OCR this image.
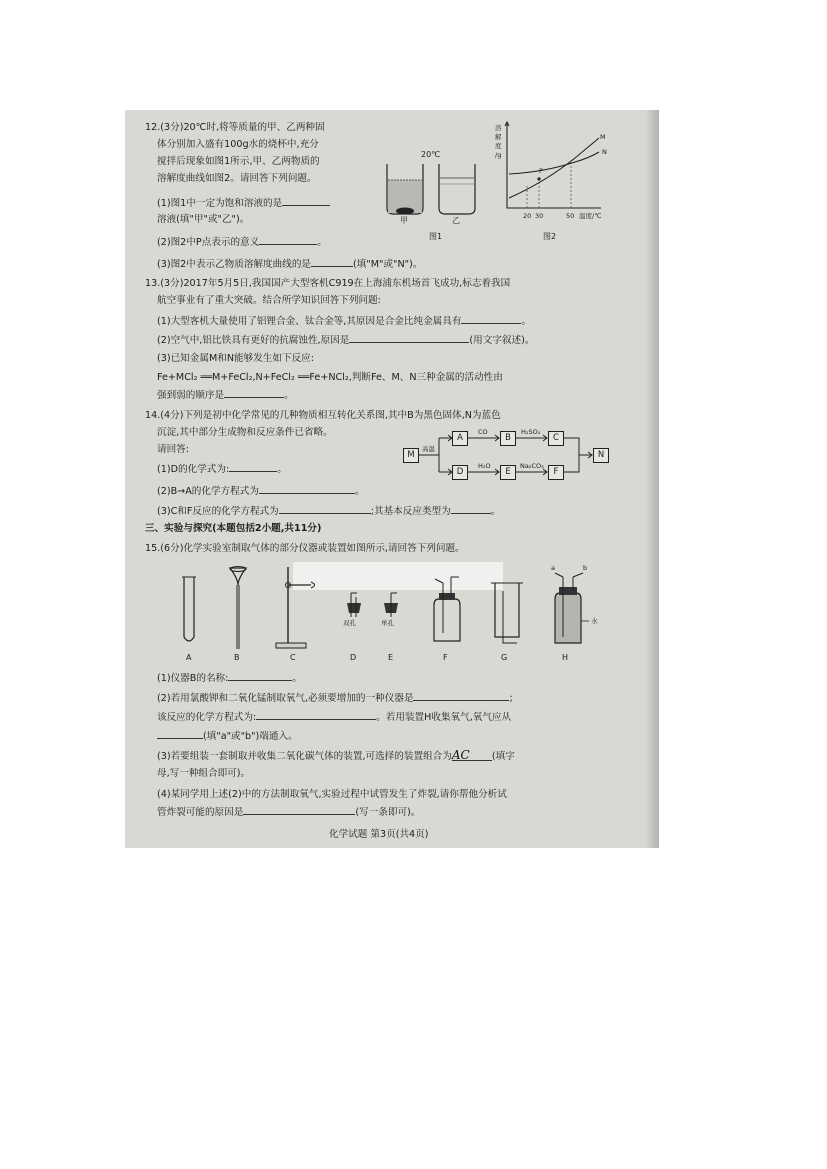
12.(3分)20℃时,将等质量的甲、乙两种固
体分别加入盛有100g水的烧杯中,充分
搅拌后现象如图1所示,甲、乙两物质的
溶解度曲线如图2。请回答下列问题。
(1)图1中一定为饱和溶液的是
溶液(填"甲"或"乙")。
(2)图2中P点表示的意义	。
(3)图2中表示乙物质溶解度曲线的是	(填"M"或"N")。
20℃
甲	乙
图1
溶
解
度
/g
P
M
N
20 30	50 温度/℃
图2
13.(3分)2017年5月5日,我国国产大型客机C919在上海浦东机场首飞成功,标志着我国
航空事业有了重大突破。结合所学知识回答下列问题:
(1)大型客机大量使用了铝锂合金、钛合金等,其原因是合金比纯金属具有	。
(2)空气中,铝比铁具有更好的抗腐蚀性,原因是	(用文字叙述)。
(3)已知金属M和N能够发生如下反应:
Fe+MCl₂ ══M+FeCl₂,N+FeCl₂ ══Fe+NCl₂,判断Fe、M、N三种金属的活动性由
强到弱的顺序是	。
14.(4分)下列是初中化学常见的几种物质相互转化关系图,其中B为黑色固体,N为蓝色
沉淀,其中部分生成物和反应条件已省略。
请回答:
(1)D的化学式为:	。
(2)B→A的化学方程式为	。
(3)C和F反应的化学方程式为	;其基本反应类型为	。
M
A	B	C
D	E	F
N
高温
CO	H₂SO₄
H₂O	Na₂CO₃
三、实验与探究(本题包括2小题,共11分)
15.(6分)化学实验室制取气体的部分仪器或装置如图所示,请回答下列问题。
a	b
水
双孔	单孔
A	B	C	D	E	F	G	H
(1)仪器B的名称:	。
(2)若用氯酸钾和二氧化锰制取氧气,必须要增加的一种仪器是	;
该反应的化学方程式为:	。若用装置H收集氧气,氧气应从
(填"a"或"b")端通入。
(3)若要组装一套制取并收集二氧化碳气体的装置,可选择的装置组合为AC (填字
母,写一种组合即可)。
(4)某同学用上述(2)中的方法制取氧气,实验过程中试管发生了炸裂,请你帮他分析试
管炸裂可能的原因是	(写一条即可)。
化学试题 第3页(共4页)
